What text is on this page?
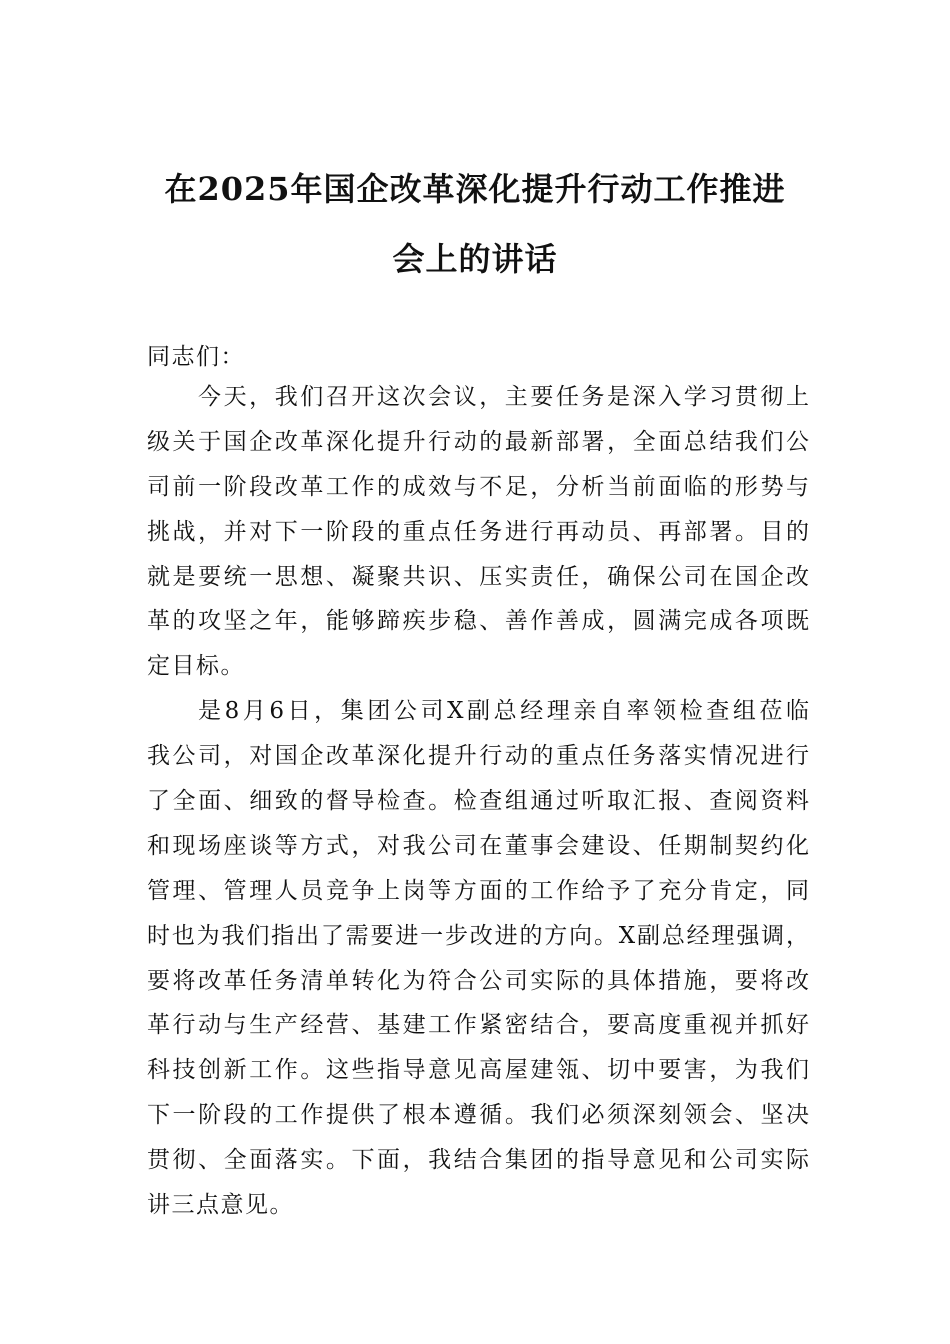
在2025年国企改革深化提升行动工作推进
会上的讲话
同志们：
今天，我们召开这次会议，主要任务是深入学习贯彻上
级关于国企改革深化提升行动的最新部署，全面总结我们公
司前一阶段改革工作的成效与不足，分析当前面临的形势与
挑战，并对下一阶段的重点任务进行再动员、再部署。目的
就是要统一思想、凝聚共识、压实责任，确保公司在国企改
革的攻坚之年，能够蹄疾步稳、善作善成，圆满完成各项既
定目标。
是8月6日，集团公司X副总经理亲自率领检查组莅临
我公司，对国企改革深化提升行动的重点任务落实情况进行
了全面、细致的督导检查。检查组通过听取汇报、查阅资料
和现场座谈等方式，对我公司在董事会建设、任期制契约化
管理、管理人员竞争上岗等方面的工作给予了充分肯定，同
时也为我们指出了需要进一步改进的方向。X副总经理强调，
要将改革任务清单转化为符合公司实际的具体措施，要将改
革行动与生产经营、基建工作紧密结合，要高度重视并抓好
科技创新工作。这些指导意见高屋建瓴、切中要害，为我们
下一阶段的工作提供了根本遵循。我们必须深刻领会、坚决
贯彻、全面落实。下面，我结合集团的指导意见和公司实际
讲三点意见。
